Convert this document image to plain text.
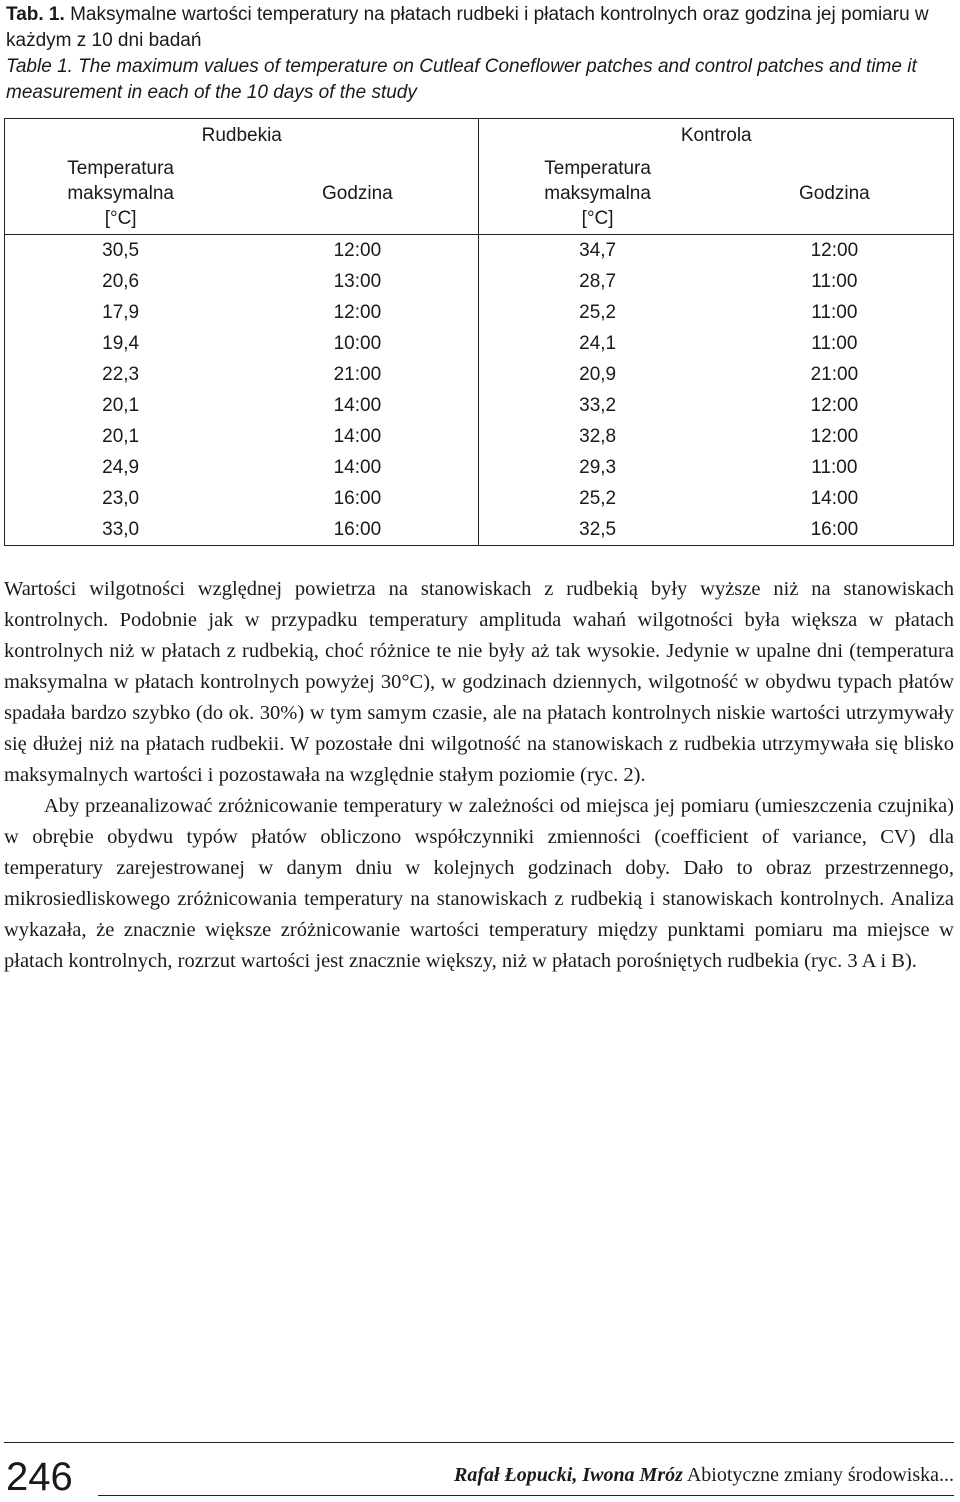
Tab. 1. Maksymalne wartości temperatury na płatach rudbeki i płatach kontrolnych oraz godzina jej pomiaru w każdym z 10 dni badań
Table 1. The maximum values of temperature on Cutleaf Coneflower patches and control patches and time it measurement in each of the 10 days of the study
Rudbekia		Kontrola	
Temperatura
maksymalna
[°C]	Godzina	Temperatura
maksymalna
[°C]	Godzina
30,5	12:00	34,7	12:00
20,6	13:00	28,7	11:00
17,9	12:00	25,2	11:00
19,4	10:00	24,1	11:00
22,3	21:00	20,9	21:00
20,1	14:00	33,2	12:00
20,1	14:00	32,8	12:00
24,9	14:00	29,3	11:00
23,0	16:00	25,2	14:00
33,0	16:00	32,5	16:00

Wartości wilgotności względnej powietrza na stanowiskach z rudbekią były wyższe niż na stanowiskach kontrolnych. Podobnie jak w przypadku temperatury amplituda wahań wilgotności była większa w płatach kontrolnych niż w płatach z rudbekią, choć różnice te nie były aż tak wysokie. Jedynie w upalne dni (temperatura maksymalna w płatach kontrolnych powyżej 30°C), w godzinach dziennych, wilgotność w obydwu typach płatów spadała bardzo szybko (do ok. 30%) w tym samym czasie, ale na płatach kontrolnych niskie wartości utrzymywały się dłużej niż na płatach rudbekii. W pozostałe dni wilgotność na stanowiskach z rudbekia utrzymywała się blisko maksymalnych wartości i pozostawała na względnie stałym poziomie (ryc. 2).

Aby przeanalizować zróżnicowanie temperatury w zależności od miejsca jej pomiaru (umieszczenia czujnika) w obrębie obydwu typów płatów obliczono współczynniki zmienności (coefficient of variance, CV) dla temperatury zarejestrowanej w danym dniu w kolejnych godzinach doby. Dało to obraz przestrzennego, mikrosiedliskowego zróżnicowania temperatury na stanowiskach z rudbekią i stanowiskach kontrolnych. Analiza wykazała, że znacznie większe zróżnicowanie wartości temperatury między punktami pomiaru ma miejsce w płatach kontrolnych, rozrzut wartości jest znacznie większy, niż w płatach porośniętych rudbekia (ryc. 3 A i B).

246	Rafał Łopucki, Iwona Mróz Abiotyczne zmiany środowiska...
